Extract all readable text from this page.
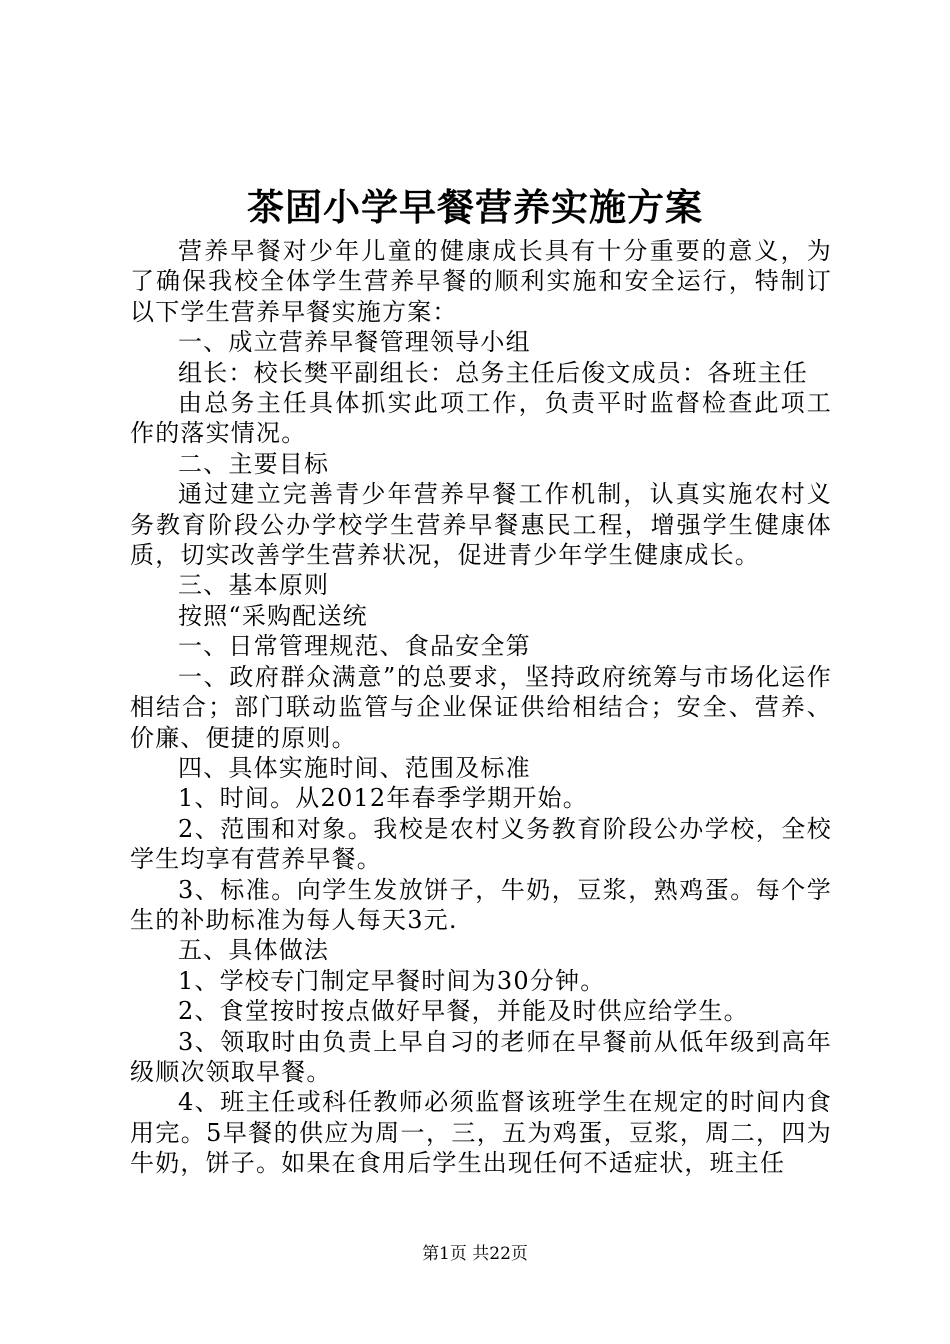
茶固小学早餐营养实施方案

营养早餐对少年儿童的健康成长具有十分重要的意义，为了确保我校全体学生营养早餐的顺利实施和安全运行，特制订以下学生营养早餐实施方案：

一、成立营养早餐管理领导小组

组长：校长樊平副组长：总务主任后俊文成员：各班主任

由总务主任具体抓实此项工作，负责平时监督检查此项工作的落实情况。

二、主要目标

通过建立完善青少年营养早餐工作机制，认真实施农村义务教育阶段公办学校学生营养早餐惠民工程，增强学生健康体质，切实改善学生营养状况，促进青少年学生健康成长。

三、基本原则

按照“采购配送统

一、日常管理规范、食品安全第

一、政府群众满意”的总要求，坚持政府统筹与市场化运作相结合；部门联动监管与企业保证供给相结合；安全、营养、价廉、便捷的原则。

四、具体实施时间、范围及标准

1、时间。从2012年春季学期开始。

2、范围和对象。我校是农村义务教育阶段公办学校，全校学生均享有营养早餐。

3、标准。向学生发放饼子，牛奶，豆浆，熟鸡蛋。每个学生的补助标准为每人每天3元.

五、具体做法

1、学校专门制定早餐时间为30分钟。

2、食堂按时按点做好早餐，并能及时供应给学生。

3、领取时由负责上早自习的老师在早餐前从低年级到高年级顺次领取早餐。

4、班主任或科任教师必须监督该班学生在规定的时间内食用完。5早餐的供应为周一，三，五为鸡蛋，豆浆，周二，四为牛奶，饼子。如果在食用后学生出现任何不适症状，班主任

第1页 共22页
